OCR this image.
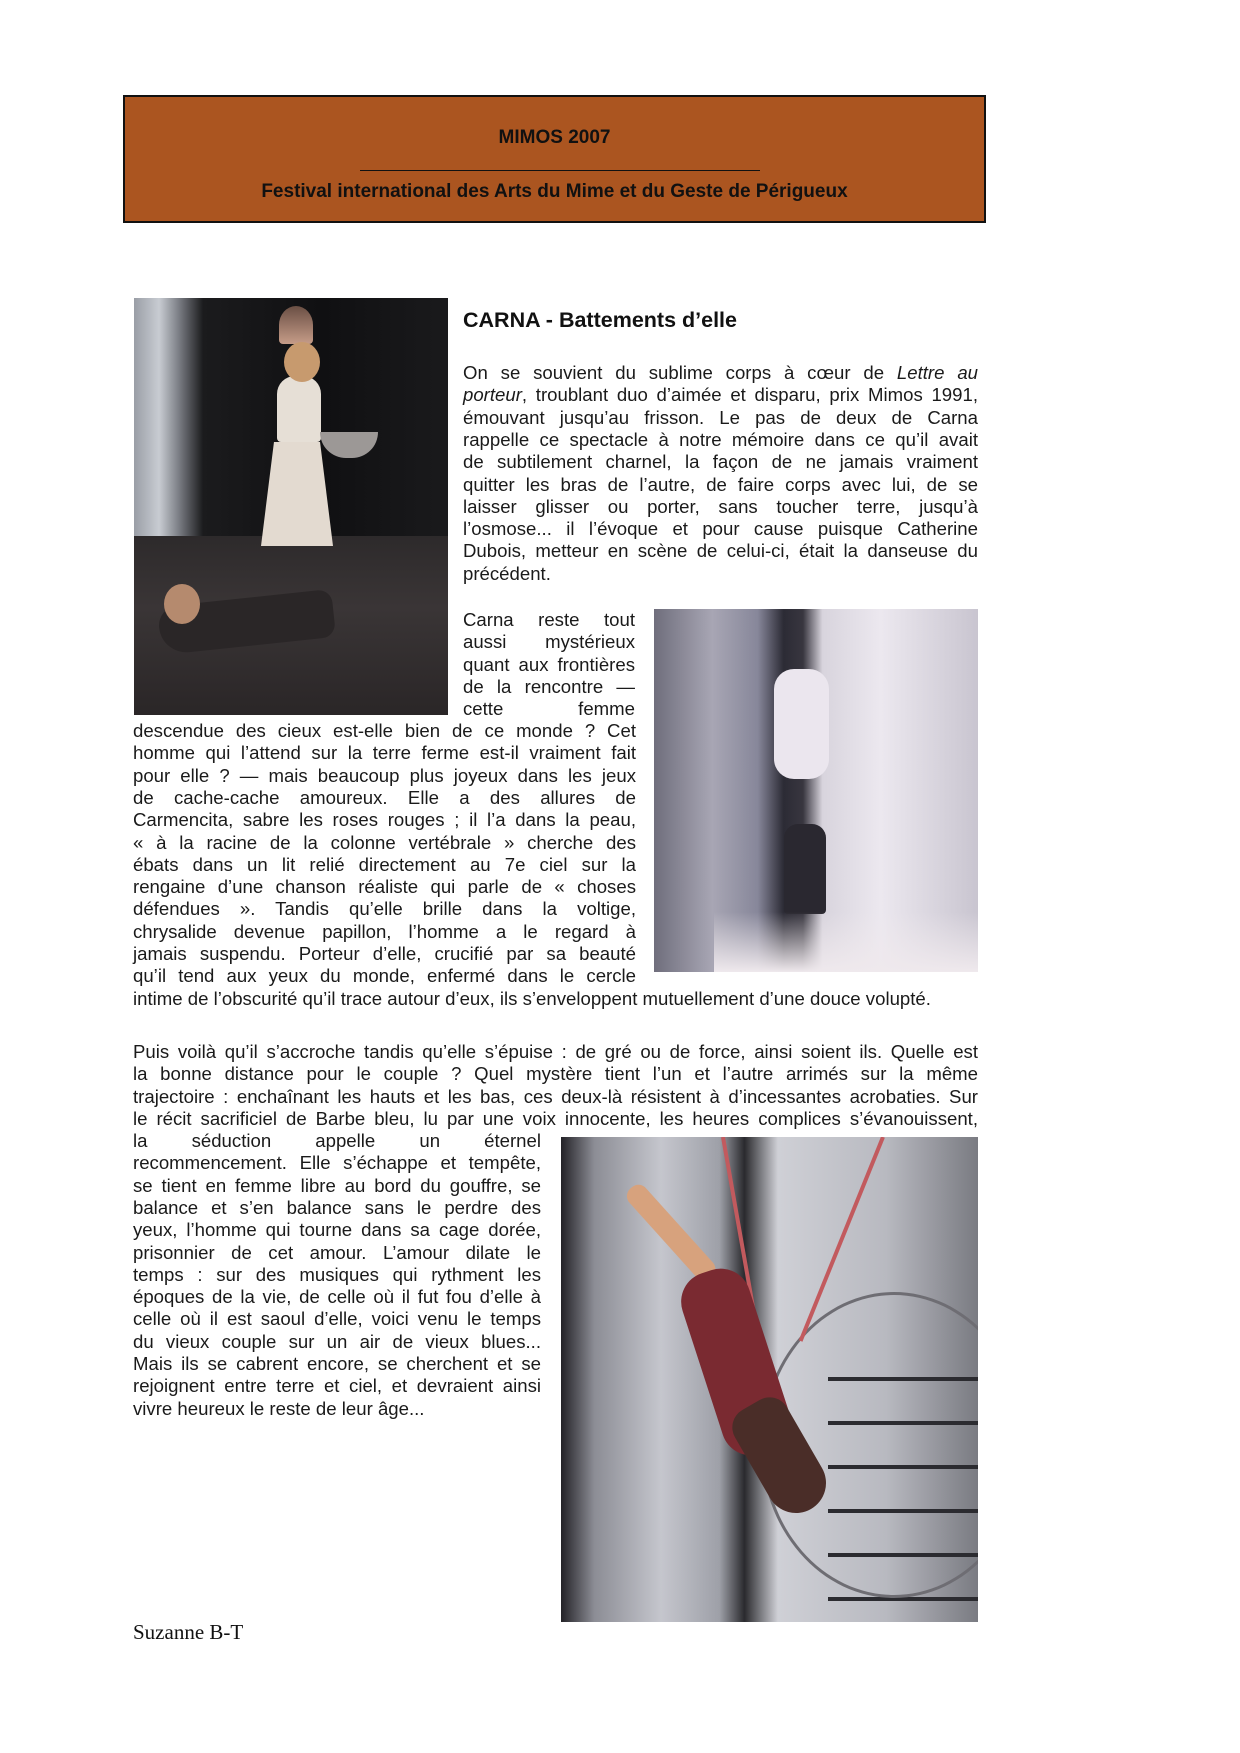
MIMOS 2007
Festival international des Arts du Mime et du Geste de Périgueux
CARNA - Battements d’elle
On se souvient du sublime corps à cœur de Lettre au
porteur, troublant duo d’aimée et disparu, prix Mimos 1991,
émouvant jusqu’au frisson. Le pas de deux de Carna
rappelle ce spectacle à notre mémoire dans ce qu’il avait
de subtilement charnel, la façon de ne jamais vraiment
quitter les bras de l’autre, de faire corps avec lui, de se
laisser glisser ou porter, sans toucher terre, jusqu’à
l’osmose... il l’évoque et pour cause puisque Catherine
Dubois, metteur en scène de celui-ci, était la danseuse du
précédent.
Carna reste tout
aussi mystérieux
quant aux frontières
de la rencontre —
cette femme
descendue des cieux est-elle bien de ce monde ? Cet
homme qui l’attend sur la terre ferme est-il vraiment fait
pour elle ? — mais beaucoup plus joyeux dans les jeux
de cache-cache amoureux. Elle a des allures de
Carmencita, sabre les roses rouges ; il l’a dans la peau,
« à la racine de la colonne vertébrale » cherche des
ébats dans un lit relié directement au 7e ciel sur la
rengaine d’une chanson réaliste qui parle de « choses
défendues ». Tandis qu’elle brille dans la voltige,
chrysalide devenue papillon, l’homme a le regard à
jamais suspendu. Porteur d’elle, crucifié par sa beauté
qu’il tend aux yeux du monde, enfermé dans le cercle
intime de l’obscurité qu’il trace autour d’eux, ils s’enveloppent mutuellement d’une douce volupté.
Puis voilà qu’il s’accroche tandis qu’elle s’épuise : de gré ou de force, ainsi soient ils. Quelle est
la bonne distance pour le couple ? Quel mystère tient l’un et l’autre arrimés sur la même
trajectoire : enchaînant les hauts et les bas, ces deux-là résistent à d’incessantes acrobaties. Sur
le récit sacrificiel de Barbe bleu, lu par une voix innocente, les heures complices s’évanouissent,
la séduction appelle un éternel
recommencement. Elle s’échappe et tempête,
se tient en femme libre au bord du gouffre, se
balance et s’en balance sans le perdre des
yeux, l’homme qui tourne dans sa cage dorée,
prisonnier de cet amour. L’amour dilate le
temps : sur des musiques qui rythment les
époques de la vie, de celle où il fut fou d’elle à
celle où il est saoul d’elle, voici venu le temps
du vieux couple sur un air de vieux blues...
Mais ils se cabrent encore, se cherchent et se
rejoignent entre terre et ciel, et devraient ainsi
vivre heureux le reste de leur âge...
Suzanne B-T
